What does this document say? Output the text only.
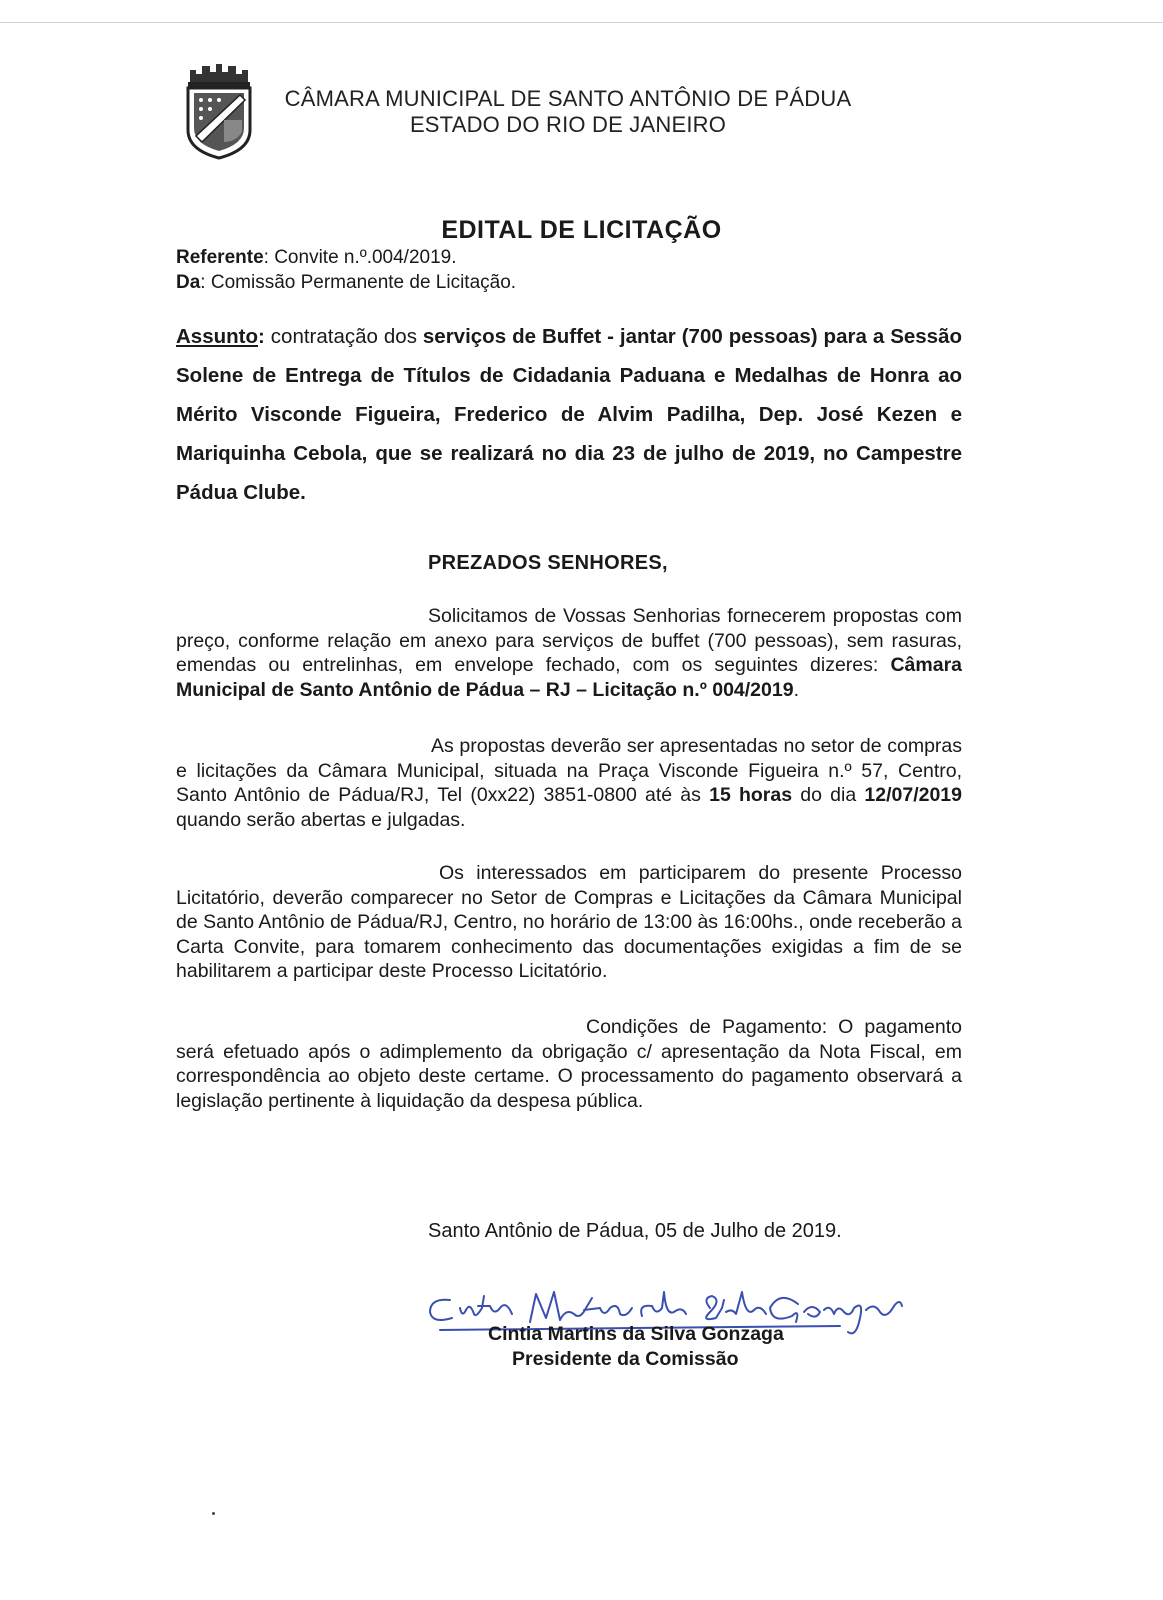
CÂMARA MUNICIPAL DE SANTO ANTÔNIO DE PÁDUA
ESTADO DO RIO DE JANEIRO
EDITAL DE LICITAÇÃO
Referente: Convite n.º.004/2019.
Da: Comissão Permanente de Licitação.
Assunto: contratação dos serviços de Buffet - jantar (700 pessoas) para a Sessão Solene de Entrega de Títulos de Cidadania Paduana e Medalhas de Honra ao Mérito Visconde Figueira, Frederico de Alvim Padilha, Dep. José Kezen e Mariquinha Cebola, que se realizará no dia 23 de julho de 2019, no Campestre Pádua Clube.
PREZADOS SENHORES,
Solicitamos de Vossas Senhorias fornecerem propostas com preço, conforme relação em anexo para serviços de buffet (700 pessoas), sem rasuras, emendas ou entrelinhas, em envelope fechado, com os seguintes dizeres: Câmara Municipal de Santo Antônio de Pádua – RJ – Licitação n.º 004/2019.
As propostas deverão ser apresentadas no setor de compras e licitações da Câmara Municipal, situada na Praça Visconde Figueira n.º 57, Centro, Santo Antônio de Pádua/RJ, Tel (0xx22) 3851-0800 até às 15 horas do dia 12/07/2019 quando serão abertas e julgadas.
Os interessados em participarem do presente Processo Licitatório, deverão comparecer no Setor de Compras e Licitações da Câmara Municipal de Santo Antônio de Pádua/RJ, Centro, no horário de 13:00 às 16:00hs., onde receberão a Carta Convite, para tomarem conhecimento das documentações exigidas a fim de se habilitarem a participar deste Processo Licitatório.
Condições de Pagamento: O pagamento será efetuado após o adimplemento da obrigação c/ apresentação da Nota Fiscal, em correspondência ao objeto deste certame. O processamento do pagamento observará a legislação pertinente à liquidação da despesa pública.
Santo Antônio de Pádua, 05 de Julho de 2019.
Cintia Martins da Silva Gonzaga
Presidente da Comissão
